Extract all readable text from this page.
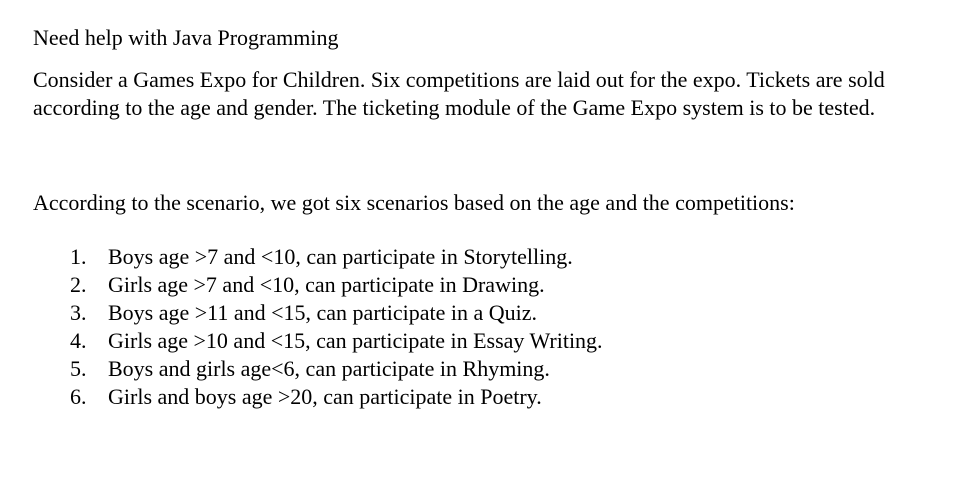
Need help with Java Programming

Consider a Games Expo for Children. Six competitions are laid out for the expo. Tickets are sold according to the age and gender. The ticketing module of the Game Expo system is to be tested.

According to the scenario, we got six scenarios based on the age and the competitions:

1. Boys age >7 and <10, can participate in Storytelling.
2. Girls age >7 and <10, can participate in Drawing.
3. Boys age >11 and <15, can participate in a Quiz.
4. Girls age >10 and <15, can participate in Essay Writing.
5. Boys and girls age<6, can participate in Rhyming.
6. Girls and boys age >20, can participate in Poetry.
